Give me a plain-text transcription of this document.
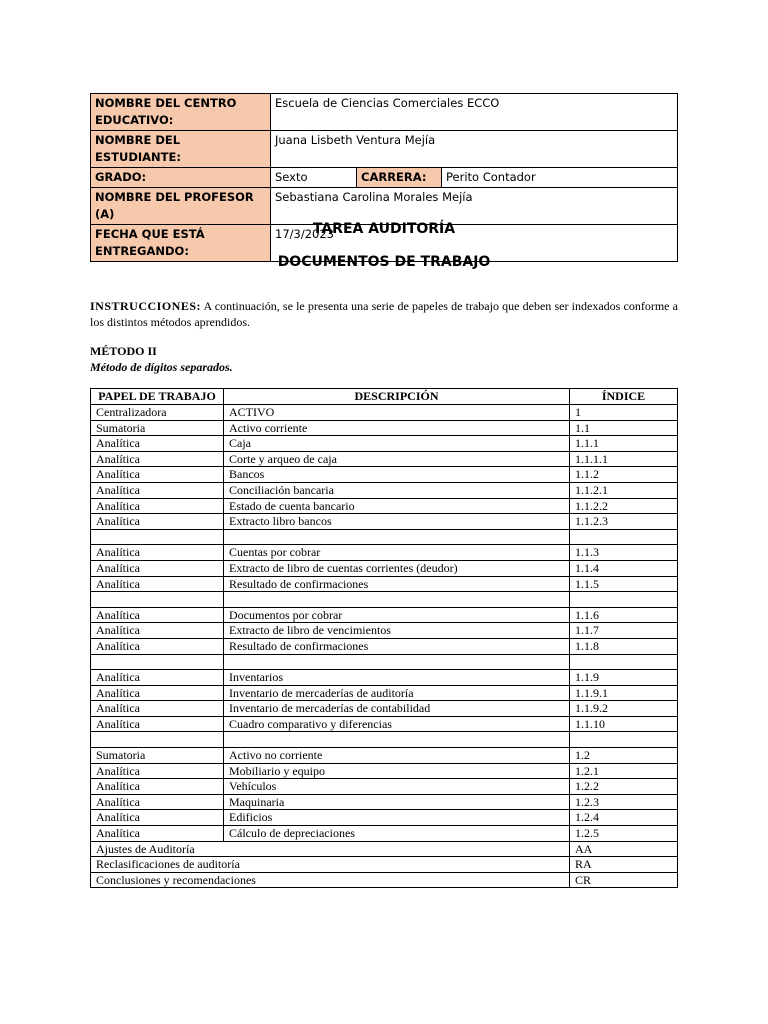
NOMBRE DEL CENTRO EDUCATIVO:	Escuela de Ciencias Comerciales ECCO		
NOMBRE DEL ESTUDIANTE:	Juana Lisbeth Ventura Mejía		
GRADO:	Sexto	CARRERA:	Perito Contador
NOMBRE DEL PROFESOR (A)	Sebastiana Carolina Morales Mejía		
FECHA QUE ESTÁ ENTREGANDO:	17/3/2023		
TAREA AUDITORÍA
DOCUMENTOS DE TRABAJO
INSTRUCCIONES: A continuación, se le presenta una serie de papeles de trabajo que deben ser indexados conforme a los distintos métodos aprendidos.
MÉTODO II
Método de dígitos separados.
PAPEL DE TRABAJO	DESCRIPCIÓN	ÍNDICE
Centralizadora	ACTIVO	1
Sumatoria	Activo corriente	1.1
Analítica	Caja	1.1.1
Analítica	Corte y arqueo de caja	1.1.1.1
Analítica	Bancos	1.1.2
Analítica	Conciliación bancaria	1.1.2.1
Analítica	Estado de cuenta bancario	1.1.2.2
Analítica	Extracto libro bancos	1.1.2.3

Analítica	Cuentas por cobrar	1.1.3
Analítica	Extracto de libro de cuentas corrientes (deudor)	1.1.4
Analítica	Resultado de confirmaciones	1.1.5

Analítica	Documentos por cobrar	1.1.6
Analítica	Extracto de libro de vencimientos	1.1.7
Analítica	Resultado de confirmaciones	1.1.8

Analítica	Inventarios	1.1.9
Analítica	Inventario de mercaderías de auditoría	1.1.9.1
Analítica	Inventario de mercaderías de contabilidad	1.1.9.2
Analítica	Cuadro comparativo y diferencias	1.1.10

Sumatoria	Activo no corriente	1.2
Analítica	Mobiliario y equipo	1.2.1
Analítica	Vehículos	1.2.2
Analítica	Maquinaria	1.2.3
Analítica	Edificios	1.2.4
Analítica	Cálculo de depreciaciones	1.2.5
Ajustes de Auditoría		AA
Reclasificaciones de auditoría		RA
Conclusiones y recomendaciones		CR
